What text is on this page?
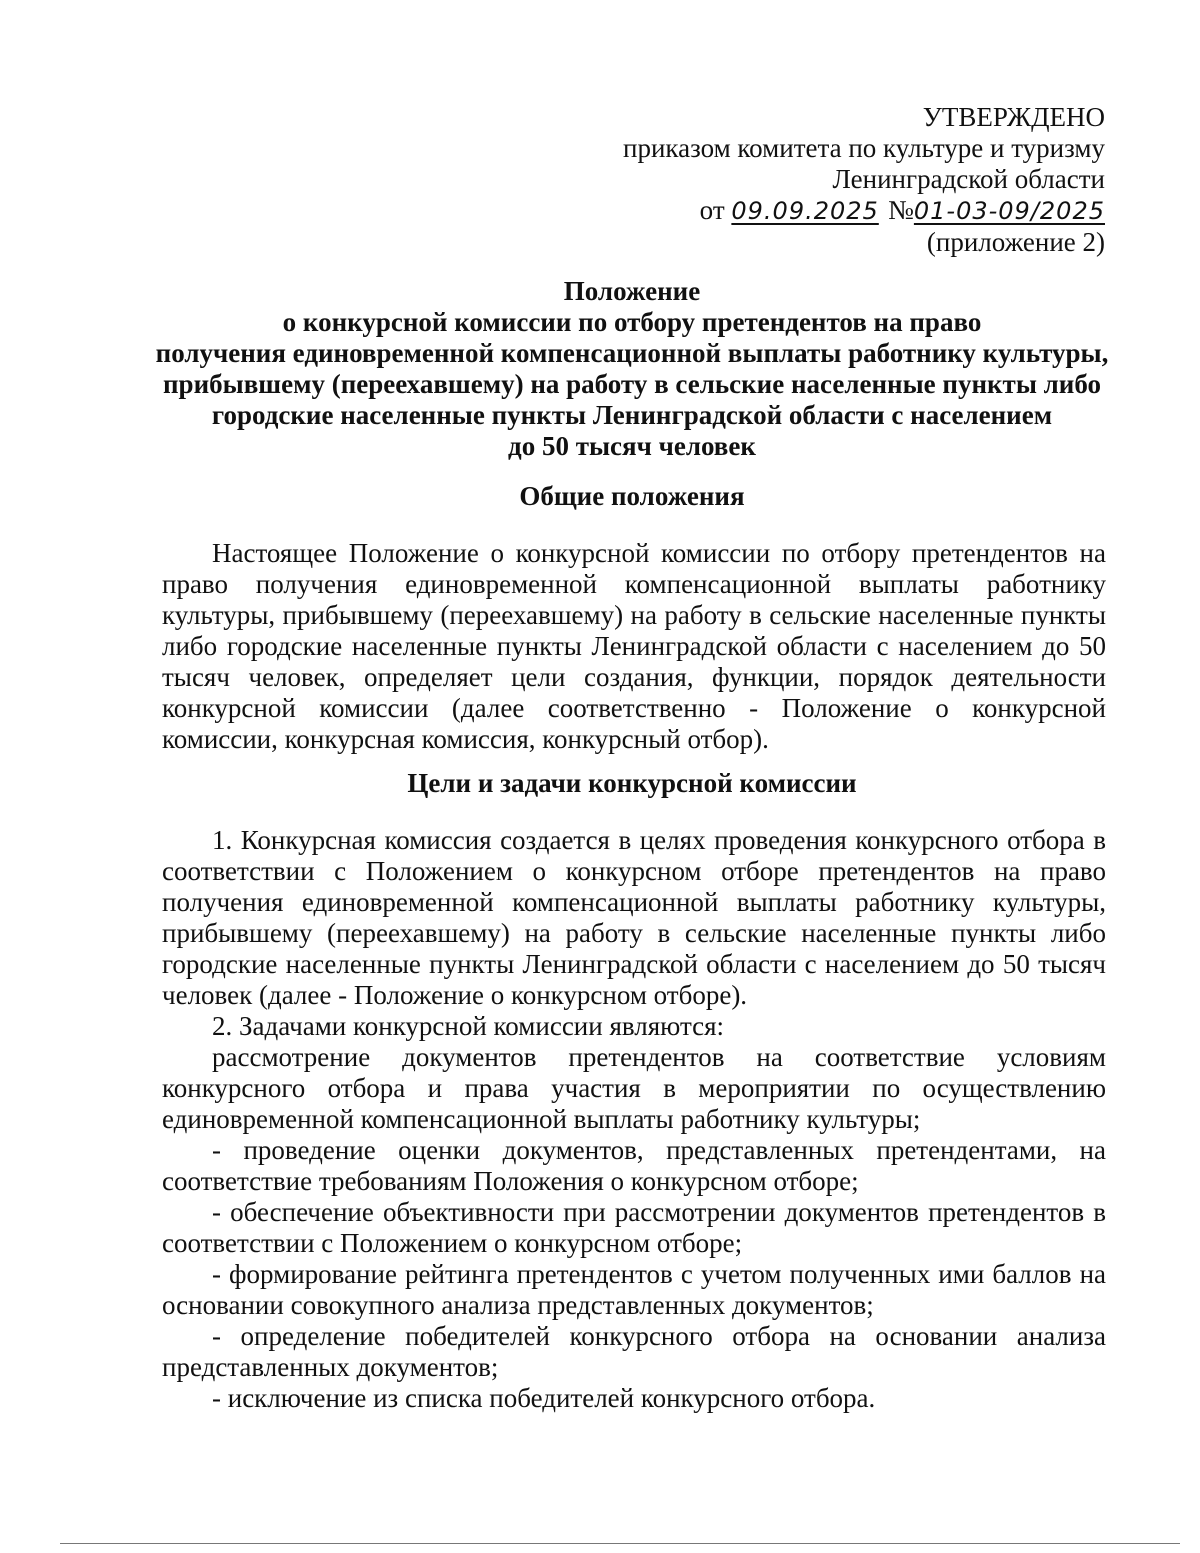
УТВЕРЖДЕНО
приказом комитета по культуре и туризму
Ленинградской области
от 09.09.2025 №01-03-09/2025
(приложение 2)
Положение
о конкурсной комиссии по отбору претендентов на право
получения единовременной компенсационной выплаты работнику культуры,
прибывшему (переехавшему) на работу в сельские населенные пункты либо
городские населенные пункты Ленинградской области с населением
до 50 тысяч человек
Общие положения

Настоящее Положение о конкурсной комиссии по отбору претендентов на право получения единовременной компенсационной выплаты работнику культуры, прибывшему (переехавшему) на работу в сельские населенные пункты либо городские населенные пункты Ленинградской области с населением до 50 тысяч человек, определяет цели создания, функции, порядок деятельности конкурсной комиссии (далее соответственно - Положение о конкурсной комиссии, конкурсная комиссия, конкурсный отбор).

Цели и задачи конкурсной комиссии

1. Конкурсная комиссия создается в целях проведения конкурсного отбора в соответствии с Положением о конкурсном отборе претендентов на право получения единовременной компенсационной выплаты работнику культуры, прибывшему (переехавшему) на работу в сельские населенные пункты либо городские населенные пункты Ленинградской области с населением до 50 тысяч человек (далее - Положение о конкурсном отборе).

2. Задачами конкурсной комиссии являются:

рассмотрение документов претендентов на соответствие условиям конкурсного отбора и права участия в мероприятии по осуществлению единовременной компенсационной выплаты работнику культуры;

- проведение оценки документов, представленных претендентами, на соответствие требованиям Положения о конкурсном отборе;

- обеспечение объективности при рассмотрении документов претендентов в соответствии с Положением о конкурсном отборе;

- формирование рейтинга претендентов с учетом полученных ими баллов на основании совокупного анализа представленных документов;

- определение победителей конкурсного отбора на основании анализа представленных документов;

- исключение из списка победителей конкурсного отбора.
